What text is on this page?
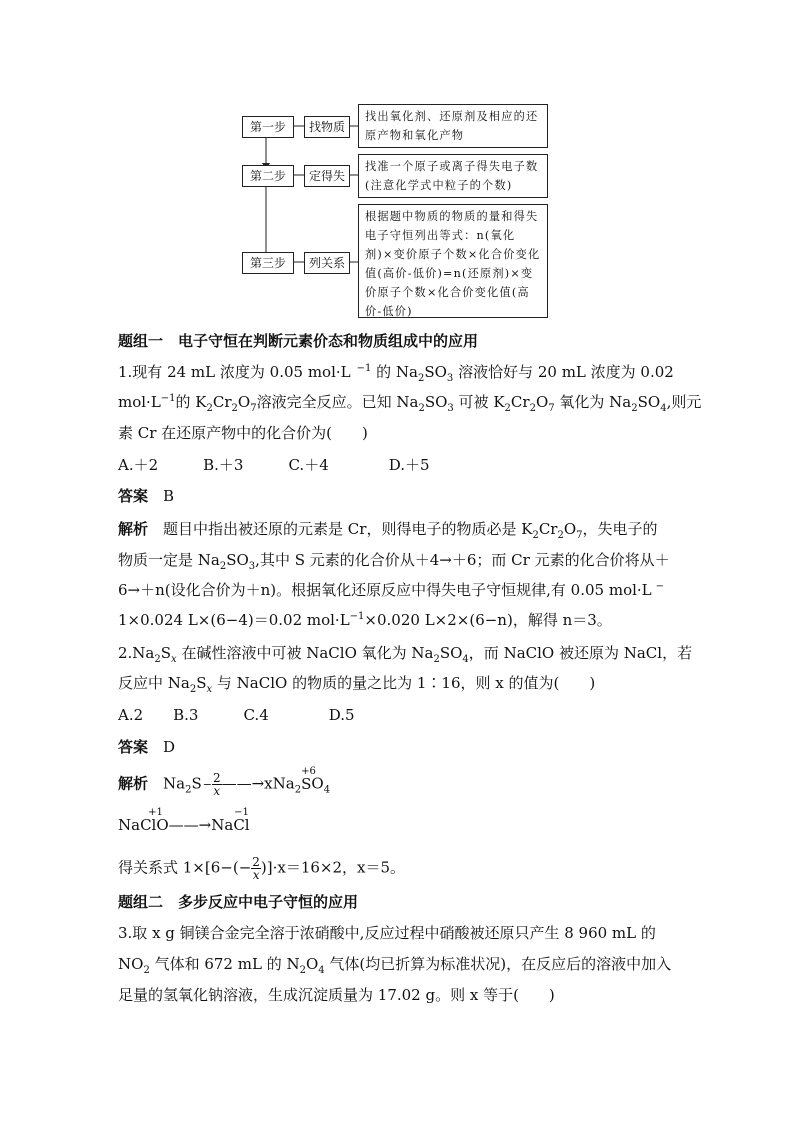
第一步	找物质
找出氧化剂、还原剂及相应的还原产物和氧化产物
第二步	定得失
找准一个原子或离子得失电子数(注意化学式中粒子的个数)
第三步	列关系
根据题中物质的物质的量和得失电子守恒列出等式：n(氧化剂)×变价原子个数×化合价变化值(高价-低价)=n(还原剂)×变价原子个数×化合价变化值(高价-低价)
题组一　电子守恒在判断元素价态和物质组成中的应用
1.现有 24 mL 浓度为 0.05 mol·L $^{-1}$ 的 $Na_2SO_3$ 溶液恰好与 20 mL 浓度为 0.02
$mol\cdot L^{-1}$的 $K_2Cr_2O_7$溶液完全反应。已知 $Na_2SO_3$ 可被 $K_2Cr_2O_7$ 氧化为 $Na_2SO_4$,则元
素 Cr 在还原产物中的化合价为(　　)
A.＋2　　　B.＋3　　　C.＋4　　　　D.＋5
答案　 B
解析　 题目中指出被还原的元素是 Cr，则得电子的物质必是 $K_2Cr_2O_7$，失电子的
物质一定是 $Na_2SO_3$,其中 S 元素的化合价从＋4→＋6；而 Cr 元素的化合价将从＋
6→＋n(设化合价为＋n)。根据氧化还原反应中得失电子守恒规律,有 0.05 mol·L −
1×0.024 L×(6−4)＝0.02 $mol\cdot L^{-1}\times 0.020$ L×2×(6−n)，解得 n＝3。
$2.Na_2S_x$ 在碱性溶液中可被 NaClO 氧化为 $Na_2SO_4$，而 NaClO 被还原为 NaCl，若
反应中 $Na_2S_x$ 与 NaClO 的物质的量之比为 1∶16，则 x 的值为(　　)
A.2　　B.3　　　C.4　　　　D.5
答案　 D
解析　$Na_2S- \frac{2}{x}$ ——→xNa$_2$S
+6
$O_4$
NaClO
+1
——→NaCl
−1
得关系式 $1\times[6-(- \frac{2}{x} )]\cdot x=16\times 2$，x＝5。
题组二　多步反应中电子守恒的应用
3.取 x g 铜镁合金完全溶于浓硝酸中,反应过程中硝酸被还原只产生 8 960 mL 的
$NO_2$ 气体和 672 mL 的 $N_2O_4$ 气体(均已折算为标准状况)，在反应后的溶液中加入
足量的氢氧化钠溶液，生成沉淀质量为 17.02 g。则 x 等于(　　)
